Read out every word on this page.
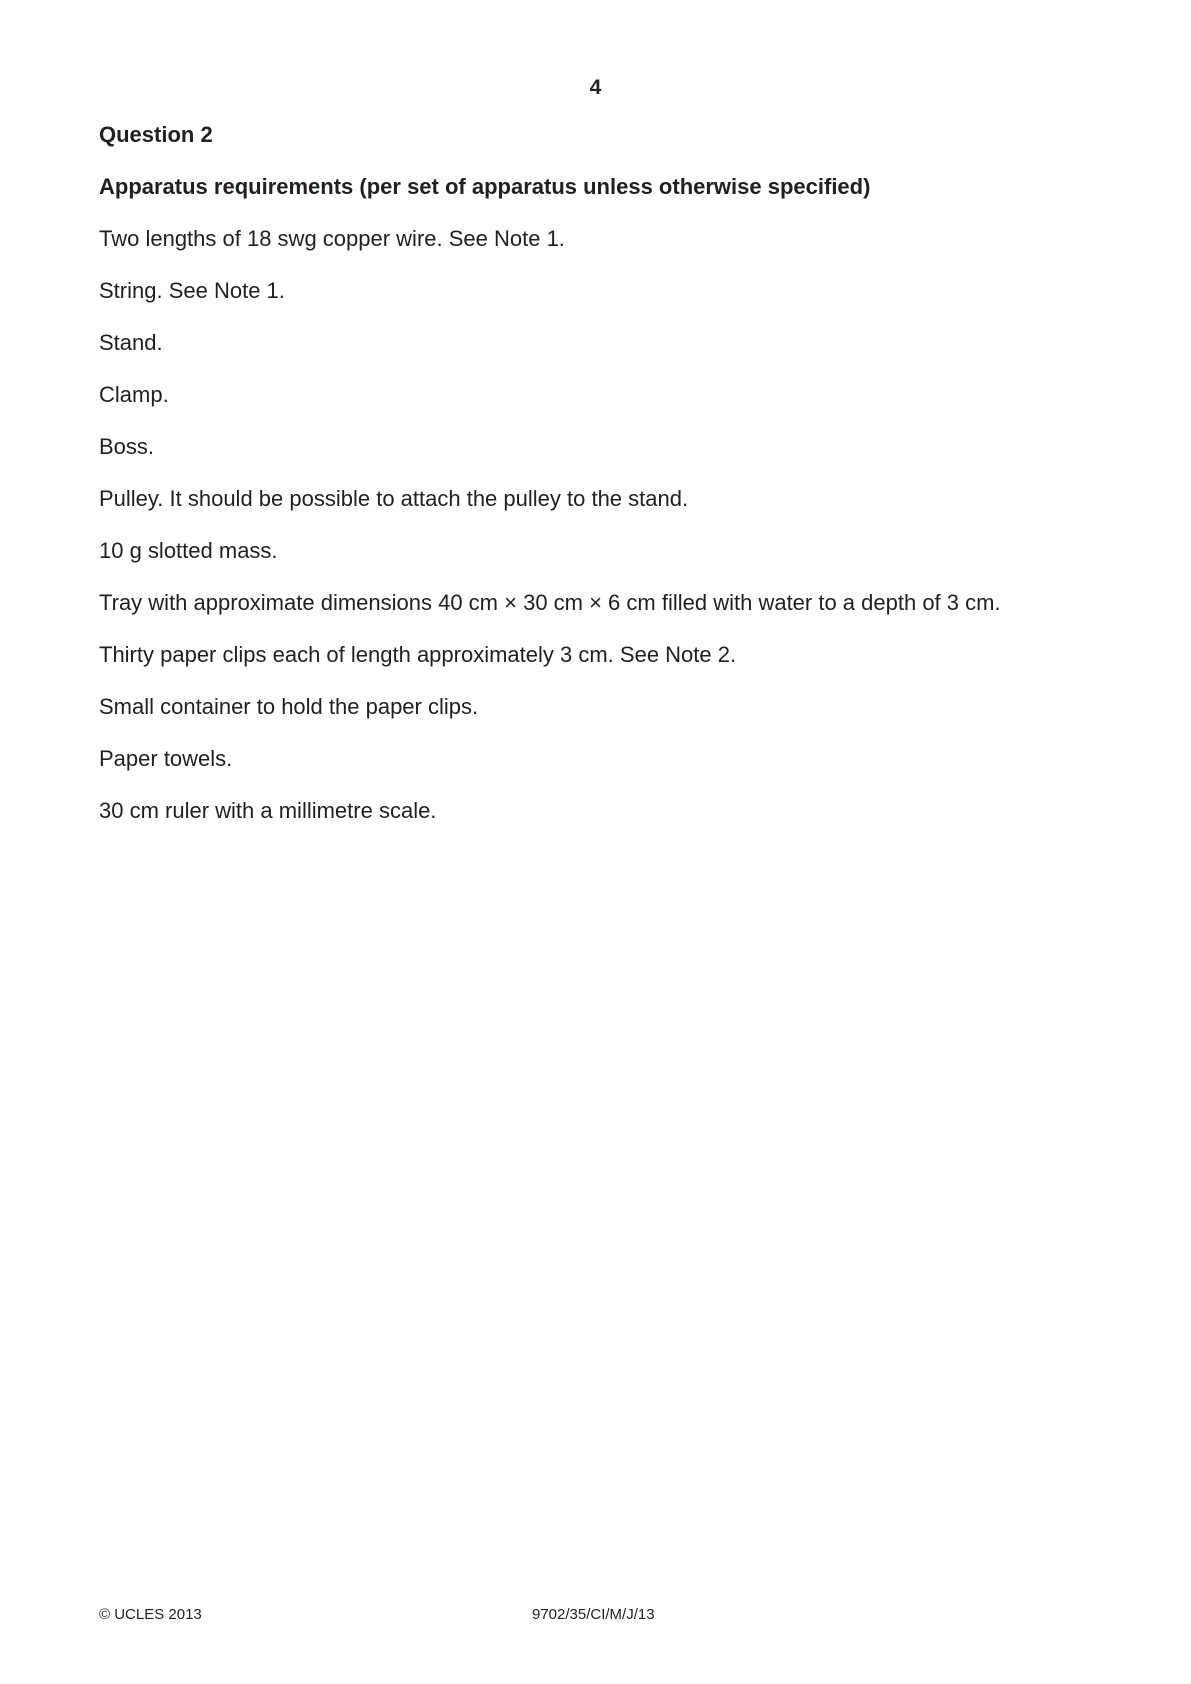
4
Question 2
Apparatus requirements (per set of apparatus unless otherwise specified)
Two lengths of 18 swg copper wire. See Note 1.
String. See Note 1.
Stand.
Clamp.
Boss.
Pulley. It should be possible to attach the pulley to the stand.
10 g slotted mass.
Tray with approximate dimensions 40 cm × 30 cm × 6 cm filled with water to a depth of 3 cm.
Thirty paper clips each of length approximately 3 cm. See Note 2.
Small container to hold the paper clips.
Paper towels.
30 cm ruler with a millimetre scale.
© UCLES 2013	9702/35/CI/M/J/13
